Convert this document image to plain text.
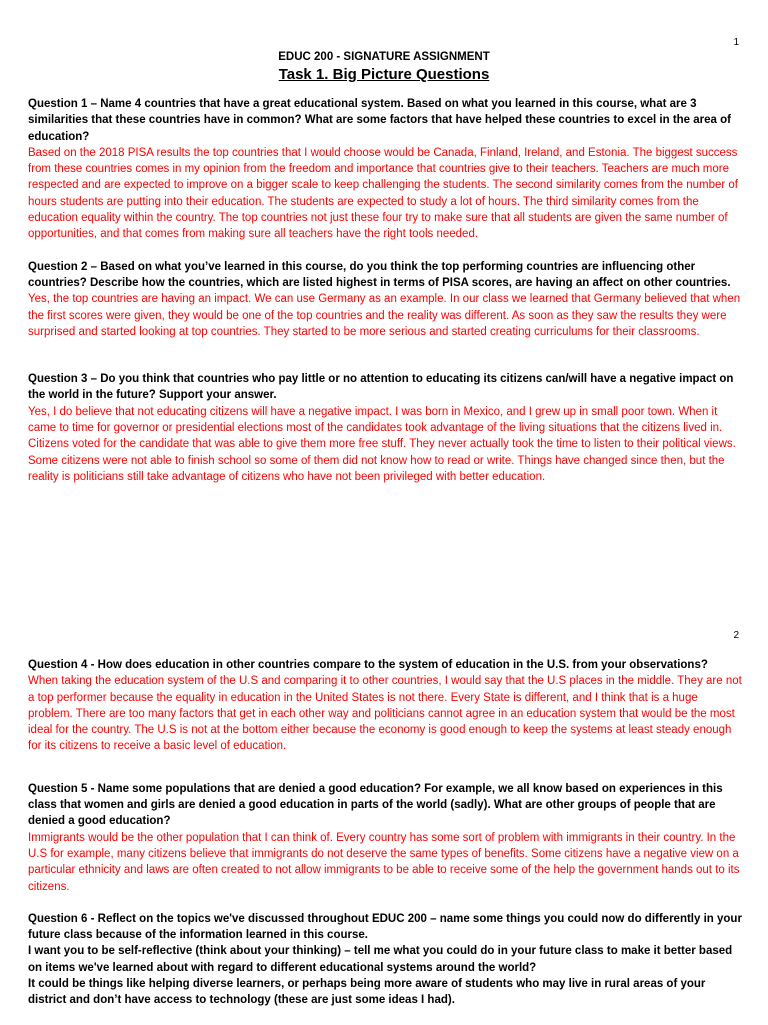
1
EDUC 200 - SIGNATURE ASSIGNMENT
Task 1. Big Picture Questions

Question 1 – Name 4 countries that have a great educational system. Based on what you learned in this course, what are 3 similarities that these countries have in common? What are some factors that have helped these countries to excel in the area of education?

Based on the 2018 PISA results the top countries that I would choose would be Canada, Finland, Ireland, and Estonia. The biggest success from these countries comes in my opinion from the freedom and importance that countries give to their teachers. Teachers are much more respected and are expected to improve on a bigger scale to keep challenging the students. The second similarity comes from the number of hours students are putting into their education. The students are expected to study a lot of hours. The third similarity comes from the education equality within the country. The top countries not just these four try to make sure that all students are given the same number of opportunities, and that comes from making sure all teachers have the right tools needed.

Question 2 – Based on what you’ve learned in this course, do you think the top performing countries are influencing other countries? Describe how the countries, which are listed highest in terms of PISA scores, are having an affect on other countries.

Yes, the top countries are having an impact. We can use Germany as an example. In our class we learned that Germany believed that when the first scores were given, they would be one of the top countries and the reality was different. As soon as they saw the results they were surprised and started looking at top countries. They started to be more serious and started creating curriculums for their classrooms.

Question 3 – Do you think that countries who pay little or no attention to educating its citizens can/will have a negative impact on the world in the future? Support your answer.

Yes, I do believe that not educating citizens will have a negative impact. I was born in Mexico, and I grew up in small poor town. When it came to time for governor or presidential elections most of the candidates took advantage of the living situations that the citizens lived in. Citizens voted for the candidate that was able to give them more free stuff. They never actually took the time to listen to their political views. Some citizens were not able to finish school so some of them did not know how to read or write. Things have changed since then, but the reality is politicians still take advantage of citizens who have not been privileged with better education.

2

Question 4 - How does education in other countries compare to the system of education in the U.S. from your observations?

When taking the education system of the U.S and comparing it to other countries, I would say that the U.S places in the middle. They are not a top performer because the equality in education in the United States is not there. Every State is different, and I think that is a huge problem. There are too many factors that get in each other way and politicians cannot agree in an education system that would be the most ideal for the country. The U.S is not at the bottom either because the economy is good enough to keep the systems at least steady enough for its citizens to receive a basic level of education.

Question 5 - Name some populations that are denied a good education? For example, we all know based on experiences in this class that women and girls are denied a good education in parts of the world (sadly). What are other groups of people that are denied a good education?

Immigrants would be the other population that I can think of. Every country has some sort of problem with immigrants in their country. In the U.S for example, many citizens believe that immigrants do not deserve the same types of benefits. Some citizens have a negative view on a particular ethnicity and laws are often created to not allow immigrants to be able to receive some of the help the government hands out to its citizens.

Question 6 - Reflect on the topics we've discussed throughout EDUC 200 – name some things you could now do differently in your future class because of the information learned in this course.

I want you to be self-reflective (think about your thinking) – tell me what you could do in your future class to make it better based on items we've learned about with regard to different educational systems around the world?

It could be things like helping diverse learners, or perhaps being more aware of students who may live in rural areas of your district and don’t have access to technology (these are just some ideas I had).
